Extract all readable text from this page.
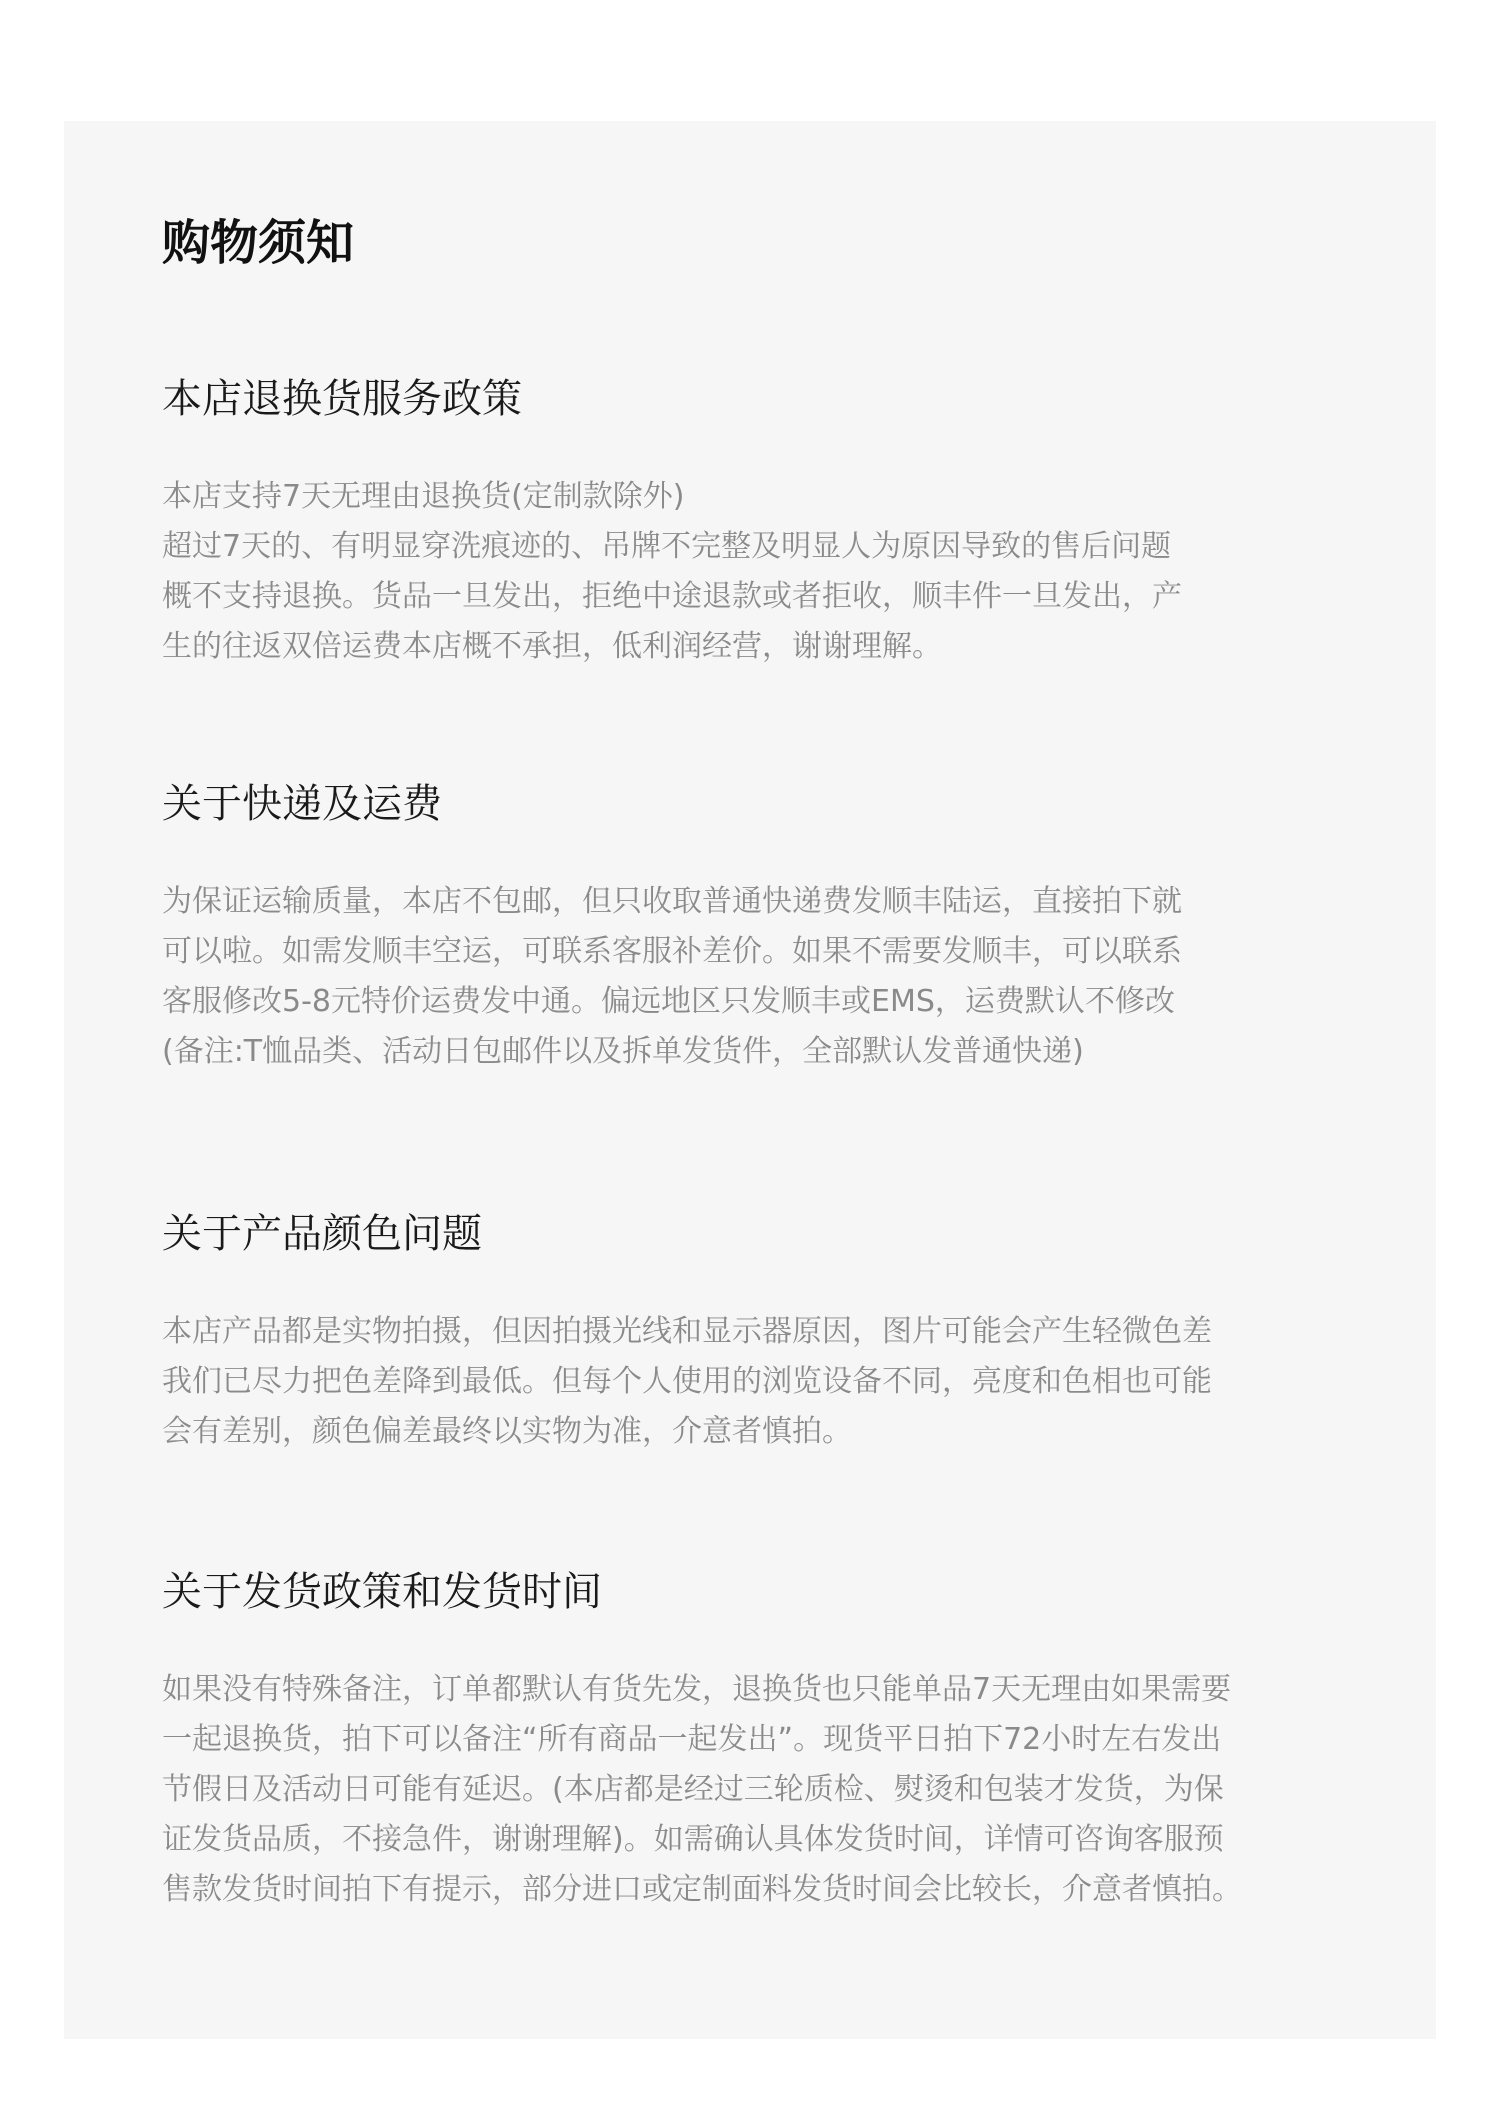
购物须知
本店退换货服务政策
本店支持7天无理由退换货(定制款除外)
超过7天的、有明显穿洗痕迹的、吊牌不完整及明显人为原因导致的售后问题
概不支持退换。货品一旦发出，拒绝中途退款或者拒收，顺丰件一旦发出，产
生的往返双倍运费本店概不承担，低利润经营，谢谢理解。
关于快递及运费
为保证运输质量，本店不包邮，但只收取普通快递费发顺丰陆运，直接拍下就
可以啦。如需发顺丰空运，可联系客服补差价。如果不需要发顺丰，可以联系
客服修改5-8元特价运费发中通。偏远地区只发顺丰或EMS，运费默认不修改
(备注:T恤品类、活动日包邮件以及拆单发货件，全部默认发普通快递)
关于产品颜色问题
本店产品都是实物拍摄，但因拍摄光线和显示器原因，图片可能会产生轻微色差
我们已尽力把色差降到最低。但每个人使用的浏览设备不同，亮度和色相也可能
会有差别，颜色偏差最终以实物为准，介意者慎拍。
关于发货政策和发货时间
如果没有特殊备注，订单都默认有货先发，退换货也只能单品7天无理由如果需要
一起退换货，拍下可以备注“所有商品一起发出”。现货平日拍下72小时左右发出
节假日及活动日可能有延迟。(本店都是经过三轮质检、熨烫和包装才发货，为保
证发货品质，不接急件，谢谢理解)。如需确认具体发货时间，详情可咨询客服预
售款发货时间拍下有提示，部分进口或定制面料发货时间会比较长，介意者慎拍。
